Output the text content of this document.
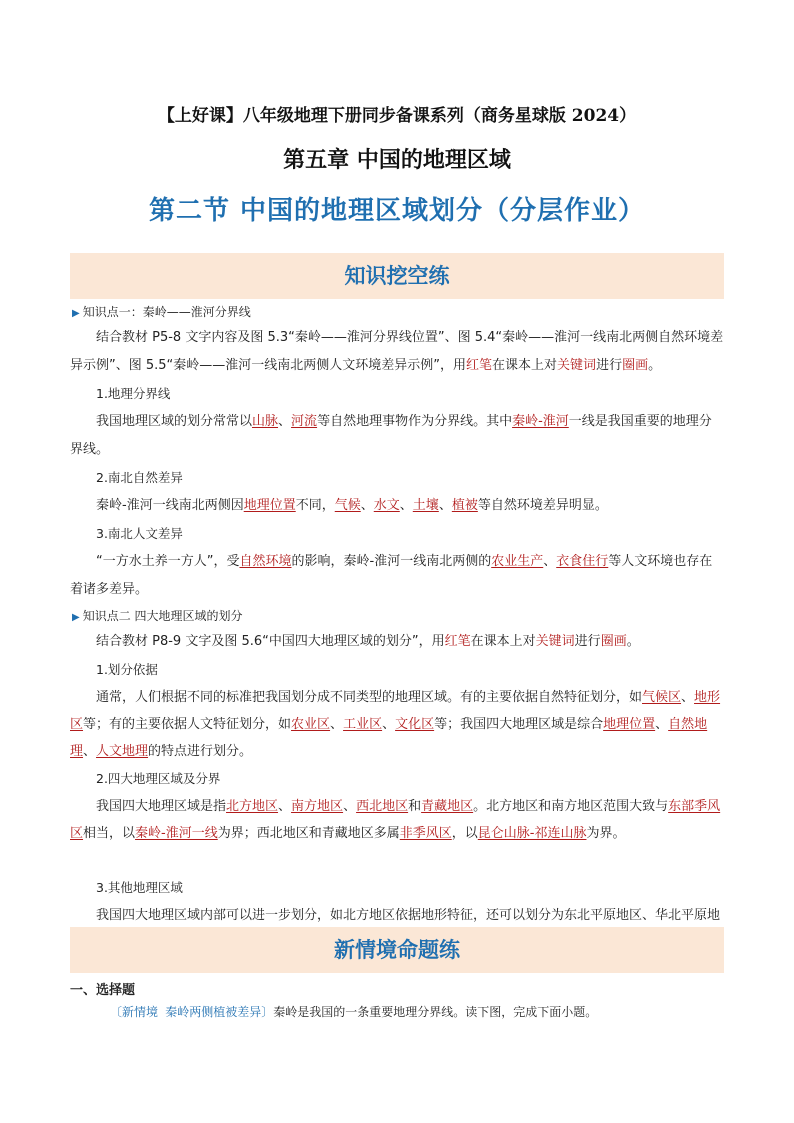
【上好课】八年级地理下册同步备课系列（商务星球版 2024）
第五章 中国的地理区域
第二节 中国的地理区域划分（分层作业）
知识挖空练

▶ 知识点一：秦岭——淮河分界线

结合教材 P5-8 文字内容及图 5.3“秦岭——淮河分界线位置”、图 5.4“秦岭——淮河一线南北两侧自然环境差异示例”、图 5.5“秦岭——淮河一线南北两侧人文环境差异示例”，用红笔在课本上对关键词进行圈画。

1.地理分界线

我国地理区域的划分常常以山脉、河流等自然地理事物作为分界线。其中秦岭-淮河一线是我国重要的地理分界线。

2.南北自然差异

秦岭-淮河一线南北两侧因地理位置不同，气候、水文、土壤、植被等自然环境差异明显。

3.南北人文差异

“一方水土养一方人”，受自然环境的影响，秦岭-淮河一线南北两侧的农业生产、衣食住行等人文环境也存在着诸多差异。

▶ 知识点二 四大地理区域的划分

结合教材 P8-9 文字及图 5.6“中国四大地理区域的划分”，用红笔在课本上对关键词进行圈画。

1.划分依据

通常，人们根据不同的标准把我国划分成不同类型的地理区域。有的主要依据自然特征划分，如气候区、地形区等；有的主要依据人文特征划分，如农业区、工业区、文化区等；我国四大地理区域是综合地理位置、自然地理、人文地理的特点进行划分。

2.四大地理区域及分界

我国四大地理区域是指北方地区、南方地区、西北地区和青藏地区。北方地区和南方地区范围大致与东部季风区相当，以秦岭-淮河一线为界；西北地区和青藏地区多属非季风区，以昆仑山脉-祁连山脉为界。

3.其他地理区域

我国四大地理区域内部可以进一步划分，如北方地区依据地形特征，还可以划分为东北平原地区、华北平原地

新情境命题练
一、选择题
〔新情境 秦岭两侧植被差异〕秦岭是我国的一条重要地理分界线。读下图，完成下面小题。
